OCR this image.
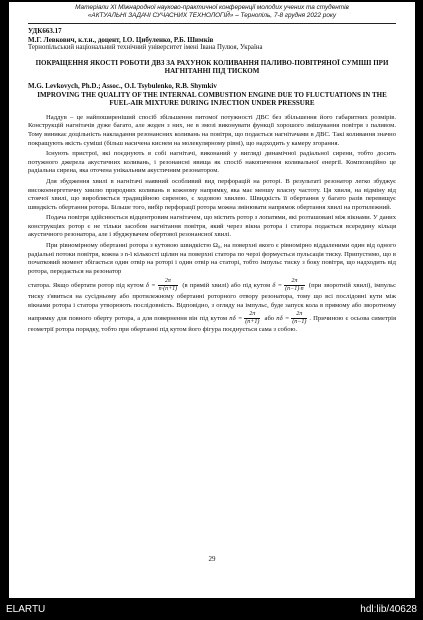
Матеріали XI Міжнародної науково-практичної конференції молодих учених та студентів
«АКТУАЛЬНІ ЗАДАЧІ СУЧАСНИХ ТЕХНОЛОГІЙ» – Тернопіль, 7-8 грудня 2022 року

УДК663.17

М.Г. Левкович, к.т.н., доцент, І.О. Цибуленко, Р.Б. Шимків

Тернопільський національний технічний університет імені Івана Пулюя, Україна

ПОКРАЩЕННЯ ЯКОСТІ РОБОТИ ДВЗ ЗА РАХУНОК КОЛИВАННЯ ПАЛИВО-ПОВІТРЯНОЇ СУМІШІ ПРИ НАГНІТАННІ ПІД ТИСКОМ

M.G. Levkovych, Ph.D.; Assoc., O.I. Tsybulenko, R.B. Shymkiv

IMPROVING THE QUALITY OF THE INTERNAL COMBUSTION ENGINE DUE TO FLUCTUATIONS IN THE FUEL-AIR MIXTURE DURING INJECTION UNDER PRESSURE

Наддув – це найпоширеніший спосіб збільшення питомої потужності ДВС без збільшення його габаритних розмірів. Конструкцій нагнітачів дуже багато, але жоден з них, не в змозі виконувати функції хорошого змішування повітря з паливом. Тому виникає доцільність накладання резонансних коливань на повітря, що подається нагнітачами в ДВС. Такі коливання значно покращують якість суміші (більш насичена киснем на молекулярному рівні), що надходить у камеру згорання.

Існують пристрої, які поєднують в собі нагнітачі, виконаний у вигляді динамічної радіальної сирени, тобто досить потужного джерела акустичних коливань, і резонансні явища як спосіб накопичення коливальної енергії. Композиційно це радіальна сирена, яка оточена унікальним акустичним резонатором.

Для збудження хвилі в нагнітачі наявний особливий вид перфорацій на роторі. В результаті резонатор легко збуджує високоенергетичну хвилю природних коливань в кожному напрямку, яка має меншу власну частоту. Ця хвиля, на відміну від стоячої хвилі, що виробляється традиційною сиреною, є ходовою хвилею. Швидкість її обертання у багато разів перевищує швидкість обертання ротора. Більше того, вибір перфорації ротора можна змінювати напрямок обертання хвилі на протилежний.

Подача повітря здійснюється відцентровим нагнітачем, що містить ротор з лопатями, які розташовані між вікнами. У даних конструкціях ротор є не тільки засобом нагнітання повітря, який через вікна ротора і статора подається всередину кільця акустичного резонатора, але і збуджувачем обертової резонансної хвилі.

При рівномірному обертанні ротора з кутовою швидкістю Ω₀, на поверхні якого є рівномірно віддаленими один від одного радіальні потоки повітря, кожна з n-ї кількості щілин на поверхні статора по черзі формується пульсація тиску. Припустимо, що в початковий момент збігається один отвір на роторі і один отвір на статорі, тобто імпульс тиску з боку повітря, що надходить від ротора, передається на резонатор

статора. Якщо обертати ротор під кутом $\delta = \frac{2\pi}{n\cdot(n+1)} (в$ прямій хвилі) або під кутом $\delta = \frac{2\pi}{(n-1)\cdot n} (при$ зворотній хвилі), імпульс тиску з'явиться на сусідньому або протилежному обертанні роторного отвору резонатора, тому що всі послідовні кути між вікнами ротора і статора утворюють послідовність. Відповідно, з огляду на імпульс, буде запуск кола в прямому або зворотному напрямку для повного оберту ротора, а для повернення він під кутом $n\delta = \frac{2\pi}{(n+1)}$ або $n\delta = \frac{2\pi}{(n-1)}$ . Причиною є осьова симетрія геометрії ротора порядку, тобто при обертанні під кутом його фігура поєднується сама з собою.

29
ELARTU	hdl:lib/40628
